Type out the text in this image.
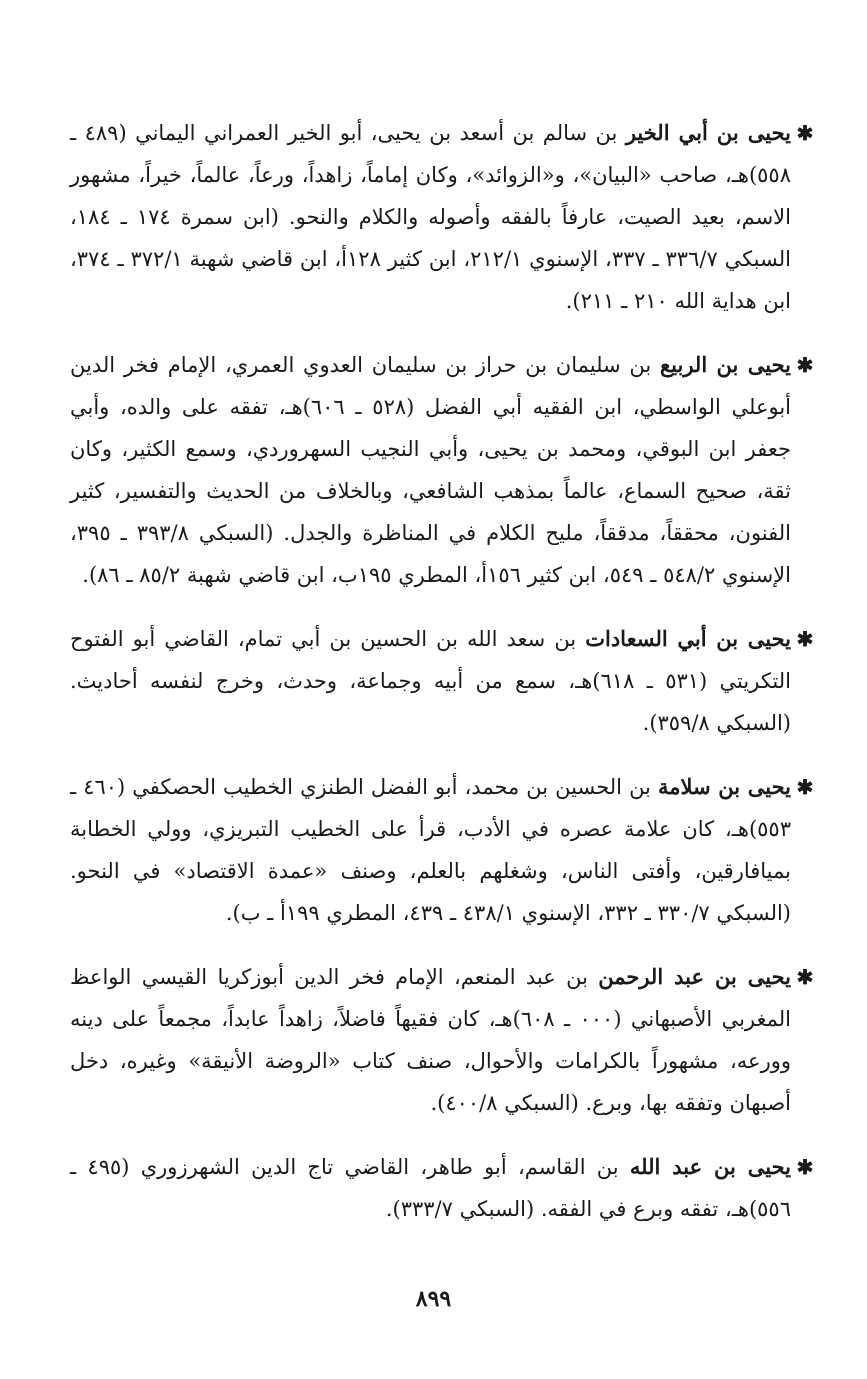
✱
يحيى بن أبي الخير بن سالم بن أسعد بن يحيى، أبو الخير العمراني اليماني (٤٨٩ ـ ٥٥٨)هـ، صاحب «البيان»، و«الزوائد»، وكان إماماً، زاهداً، ورعاً، عالماً، خيراً، مشهور الاسم، بعيد الصيت، عارفاً بالفقه وأصوله والكلام والنحو. (ابن سمرة ١٧٤ ـ ١٨٤، السبكي ٣٣٦/٧ ـ ٣٣٧، الإسنوي ٢١٢/١، ابن كثير ١٢٨أ، ابن قاضي شهبة ٣٧٢/١ ـ ٣٧٤، ابن هداية الله ٢١٠ ـ ٢١١).
✱
يحيى بن الربيع بن سليمان بن حراز بن سليمان العدوي العمري، الإمام فخر الدين أبوعلي الواسطي، ابن الفقيه أبي الفضل (٥٢٨ ـ ٦٠٦)هـ، تفقه على والده، وأبي جعفر ابن البوقي، ومحمد بن يحيى، وأبي النجيب السهروردي، وسمع الكثير، وكان ثقة، صحيح السماع، عالماً بمذهب الشافعي، وبالخلاف من الحديث والتفسير، كثير الفنون، محققاً، مدققاً، مليح الكلام في المناظرة والجدل. (السبكي ٣٩٣/٨ ـ ٣٩٥، الإسنوي ٥٤٨/٢ ـ ٥٤٩، ابن كثير ١٥٦أ، المطري ١٩٥ب، ابن قاضي شهبة ٨٥/٢ ـ ٨٦).
✱
يحيى بن أبي السعادات بن سعد الله بن الحسين بن أبي تمام، القاضي أبو الفتوح التكريتي (٥٣١ ـ ٦١٨)هـ، سمع من أبيه وجماعة، وحدث، وخرج لنفسه أحاديث. (السبكي ٣٥٩/٨).
✱
يحيى بن سلامة بن الحسين بن محمد، أبو الفضل الطنزي الخطيب الحصكفي (٤٦٠ ـ ٥٥٣)هـ، كان علامة عصره في الأدب، قرأ على الخطيب التبريزي، وولي الخطابة بميافارقين، وأفتى الناس، وشغلهم بالعلم، وصنف «عمدة الاقتصاد» في النحو. (السبكي ٣٣٠/٧ ـ ٣٣٢، الإسنوي ٤٣٨/١ ـ ٤٣٩، المطري ١٩٩أ ـ ب).
✱
يحيى بن عبد الرحمن بن عبد المنعم، الإمام فخر الدين أبوزكريا القيسي الواعظ المغربي الأصبهاني (٠٠٠ ـ ٦٠٨)هـ، كان فقيهاً فاضلاً، زاهداً عابداً، مجمعاً على دينه وورعه، مشهوراً بالكرامات والأحوال، صنف كتاب «الروضة الأنيقة» وغيره، دخل أصبهان وتفقه بها، وبرع. (السبكي ٤٠٠/٨).
✱
يحيى بن عبد الله بن القاسم، أبو طاهر، القاضي تاج الدين الشهرزوري (٤٩٥ ـ ٥٥٦)هـ، تفقه وبرع في الفقه. (السبكي ٣٣٣/٧).
٨٩٩
